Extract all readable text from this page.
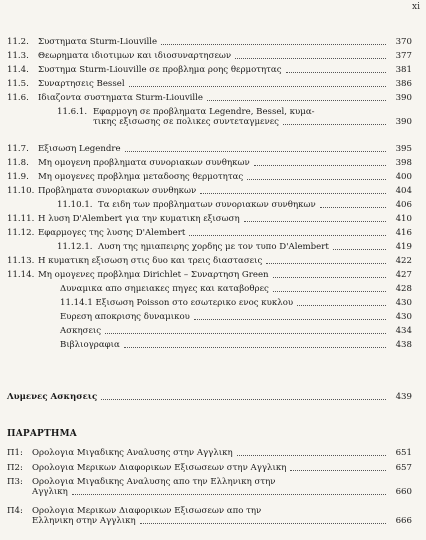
xi
11.2.	Συστηματα Sturm-Liouville	370
11.3.	Θεωρηματα ιδιοτιμων και ιδιοσυναρτησεων	377
11.4.	Συστημα Sturm-Liouville σε προβλημα ροης θερμοτητας	381
11.5.	Συναρτησεις Bessel	386
11.6.	Ιδιαζοντα συστηματα Sturm-Liouville	390
11.6.1. Εφαρμογη σε προβληματα Legendre, Bessel, κυμα-
τικης εξισωσης σε πολικες συντεταγμενες	390
11.7.	Εξισωση Legendre	395
11.8.	Μη ομογενη προβληματα συνοριακων συνθηκων	398
11.9.	Μη ομογενες προβλημα μεταδοσης θερμοτητας	400
11.10. Προβληματα συνοριακων συνθηκων	404
11.10.1. Τα ειδη των προβληματων συνοριακων συνθηκων	406
11.11. Η λυση D'Alembert για την κυματικη εξισωση	410
11.12. Εφαρμογες της λυσης D'Alembert	416
11.12.1. Λυση της ημιαπειρης χορδης με τον τυπο D'Alembert	419
11.13. Η κυματικη εξισωση στις δυο και τρεις διαστασεις	422
11.14. Μη ομογενες προβλημα Dirichlet – Συναρτηση Green	427
Δυναμικα απο σημειακες πηγες και καταβοθρες	428
11.14.1 Εξισωση Poisson στο εσωτερικο ενος κυκλου	430
Ευρεση αποκρισης δυναμικου	430
Ασκησεις	434
Βιβλιογραφια	438
Λυμενες Ασκησεις	439
ΠΑΡΑΡΤΗΜΑ
Π1:	Ορολογια Μιγαδικης Αναλυσης στην Αγγλικη	651
Π2:	Ορολογια Μερικων Διαφορικων Εξισωσεων στην Αγγλικη	657
Π3:	Ορολογια Μιγαδικης Αναλυσης απο την Ελληνικη στην
Αγγλικη	660
Π4:	Ορολογια Μερικων Διαφορικων Εξισωσεων απο την
Ελληνικη στην Αγγλικη	666
